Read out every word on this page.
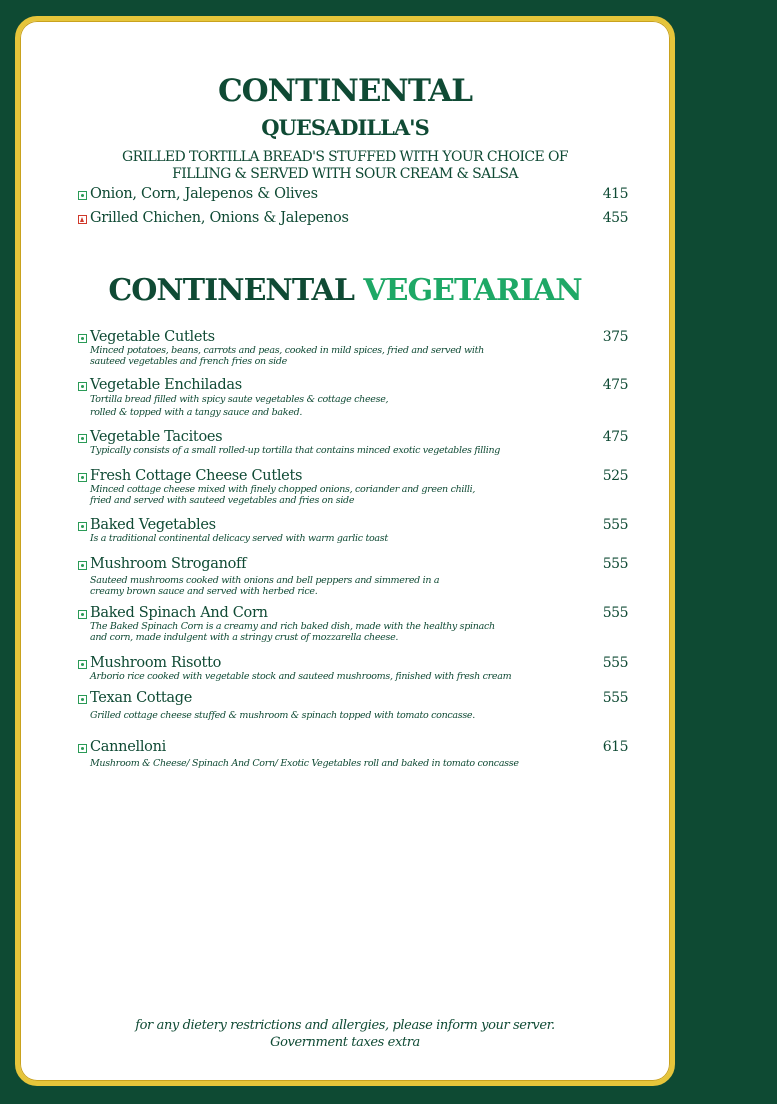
CONTINENTAL
QUESADILLA'S
GRILLED TORTILLA BREAD'S STUFFED WITH YOUR CHOICE OF
FILLING & SERVED WITH SOUR CREAM & SALSA
Onion, Corn, Jalepenos & Olives	415
Grilled Chichen, Onions & Jalepenos	455
CONTINENTAL VEGETARIAN
Vegetable Cutlets	375
Minced potatoes, beans, carrots and peas, cooked in mild spices, fried and served with
sauteed vegetables and french fries on side
Vegetable Enchiladas	475
Tortilla bread filled with spicy saute vegetables & cottage cheese,
rolled & topped with a tangy sauce and baked.
Vegetable Tacitoes	475
Typically consists of a small rolled-up tortilla that contains minced exotic vegetables filling
Fresh Cottage Cheese Cutlets	525
Minced cottage cheese mixed with finely chopped onions, coriander and green chilli,
fried and served with sauteed vegetables and fries on side
Baked Vegetables	555
Is a traditional continental delicacy served with warm garlic toast
Mushroom Stroganoff	555
Sauteed mushrooms cooked with onions and bell peppers and simmered in a
creamy brown sauce and served with herbed rice.
Baked Spinach And Corn	555
The Baked Spinach Corn is a creamy and rich baked dish, made with the healthy spinach
and corn, made indulgent with a stringy crust of mozzarella cheese.
Mushroom Risotto	555
Arborio rice cooked with vegetable stock and sauteed mushrooms, finished with fresh cream
Texan Cottage	555
Grilled cottage cheese stuffed & mushroom & spinach topped with tomato concasse.
Cannelloni	615
Mushroom & Cheese/ Spinach And Corn/ Exotic Vegetables roll and baked in tomato concasse
for any dietery restrictions and allergies, please inform your server.
Government taxes extra
